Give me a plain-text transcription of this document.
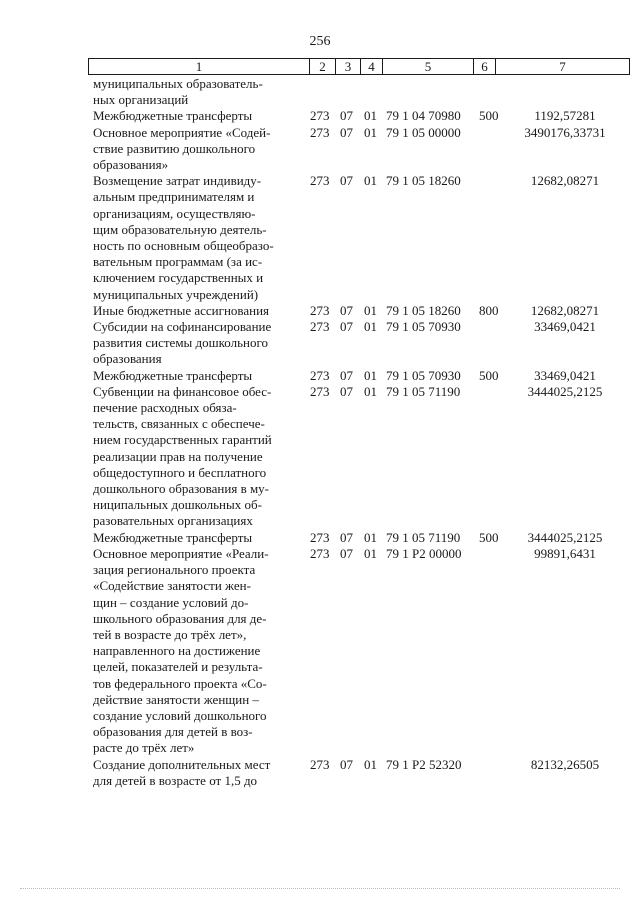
256
1	2	3	4	5	6	7
муниципальных образователь-
ных организаций
Межбюджетные трансферты	273 07 01 79 1 04 70980 500	1192,57281
Основное мероприятие «Содей-
ствие развитию дошкольного
образования»
273 07 01 79 1 05 00000	3490176,33731
Возмещение затрат индивиду-
альным предпринимателям и
организациям, осуществляю-
щим образовательную деятель-
ность по основным общеобразо-
вательным программам (за ис-
ключением государственных и
муниципальных учреждений)
273 07 01 79 1 05 18260	12682,08271
Иные бюджетные ассигнования	273 07 01 79 1 05 18260 800	12682,08271
Субсидии на софинансирование
развития системы дошкольного
образования
273 07 01 79 1 05 70930	33469,0421
Межбюджетные трансферты	273 07 01 79 1 05 70930 500	33469,0421
Субвенции на финансовое обес-
печение расходных обяза-
тельств, связанных с обеспече-
нием государственных гарантий
реализации прав на получение
общедоступного и бесплатного
дошкольного образования в му-
ниципальных дошкольных об-
разовательных организациях
273 07 01 79 1 05 71190	3444025,2125
Межбюджетные трансферты	273 07 01 79 1 05 71190 500	3444025,2125
Основное мероприятие «Реали-
зация регионального проекта
«Содействие занятости жен-
щин – создание условий до-
школьного образования для де-
тей в возрасте до трёх лет»,
направленного на достижение
целей, показателей и результа-
тов федерального проекта «Со-
действие занятости женщин –
создание условий дошкольного
образования для детей в воз-
расте до трёх лет»
273 07 01 79 1 P2 00000	99891,6431
Создание дополнительных мест
для детей в возрасте от 1,5 до
273 07 01 79 1 P2 52320	82132,26505
